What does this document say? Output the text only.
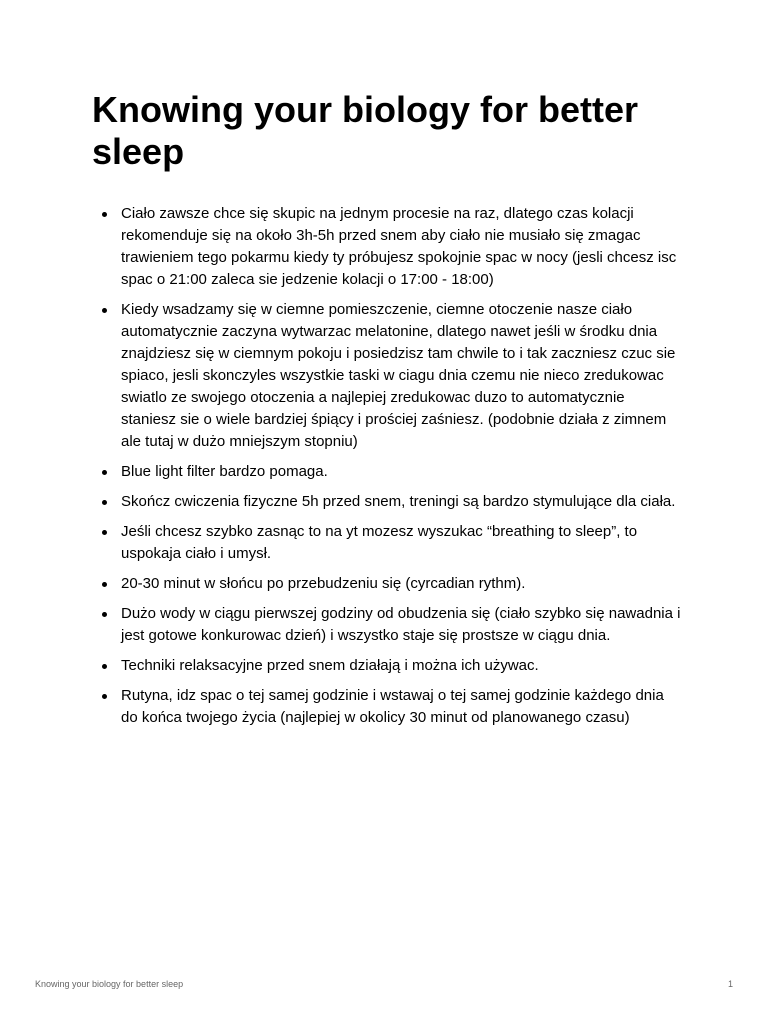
Knowing your biology for better sleep
Ciało zawsze chce się skupic na jednym procesie na raz, dlatego czas kolacji rekomenduje się na około 3h-5h przed snem aby ciało nie musiało się zmagac trawieniem tego pokarmu kiedy ty próbujesz spokojnie spac w nocy (jesli chcesz isc spac o 21:00 zaleca sie jedzenie kolacji o 17:00 - 18:00)
Kiedy wsadzamy się w ciemne pomieszczenie, ciemne otoczenie nasze ciało automatycznie zaczyna wytwarzac melatonine, dlatego nawet jeśli w środku dnia znajdziesz się w ciemnym pokoju i posiedzisz tam chwile to i tak zaczniesz czuc sie spiaco, jesli skonczyles wszystkie taski w ciagu dnia czemu nie nieco zredukowac swiatlo ze swojego otoczenia a najlepiej zredukowac duzo to automatycznie staniesz sie o wiele bardziej śpiący i prościej zaśniesz. (podobnie działa z zimnem ale tutaj w dużo mniejszym stopniu)
Blue light filter bardzo pomaga.
Skończ cwiczenia fizyczne 5h przed snem, treningi są bardzo stymulujące dla ciała.
Jeśli chcesz szybko zasnąc to na yt mozesz wyszukac “breathing to sleep”, to uspokaja ciało i umysł.
20-30 minut w słońcu po przebudzeniu się (cyrcadian rythm).
Dużo wody w ciągu pierwszej godziny od obudzenia się (ciało szybko się nawadnia i jest gotowe konkurowac dzień) i wszystko staje się prostsze w ciągu dnia.
Techniki relaksacyjne przed snem działają i można ich używac.
Rutyna, idz spac o tej samej godzinie i wstawaj o tej samej godzinie każdego dnia do końca twojego życia (najlepiej w okolicy 30 minut od planowanego czasu)
Knowing your biology for better sleep	1
